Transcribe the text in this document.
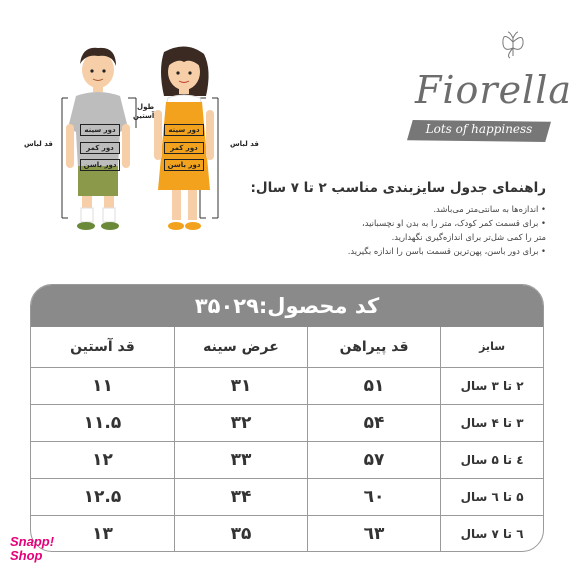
دور سینه
دور کمر
دور باسن
طول
آستین
قد لباس
دور سینه
دور کمر
دور باسن
قد لباس
Fiorella
Lots of happiness
راهنمای جدول سایزبندی مناسب ۲ تا ۷ سال:
• اندازه‌ها به سانتی‌متر می‌باشد.
• برای قسمت کمر کودک، متر را به بدن او نچسبانید،
متر را کمی شل‌تر برای اندازه‌گیری نگهدارید.
• برای دور باسن، پهن‌ترین قسمت باسن را اندازه بگیرید.
کد محصول:۳۵۰۲۹
سایز	قد پیراهن	عرض سینه	قد آستین
۲ تا ۳ سال	۵۱	۳۱	۱۱
۳ تا ۴ سال	۵۴	۳۲	۱۱.۵
٤ تا ۵ سال	۵۷	۳۳	۱۲
۵ تا ٦ سال	٦۰	۳۴	۱۲.۵
٦ تا ۷ سال	٦۳	۳۵	۱۳
Snapp!
Shop
